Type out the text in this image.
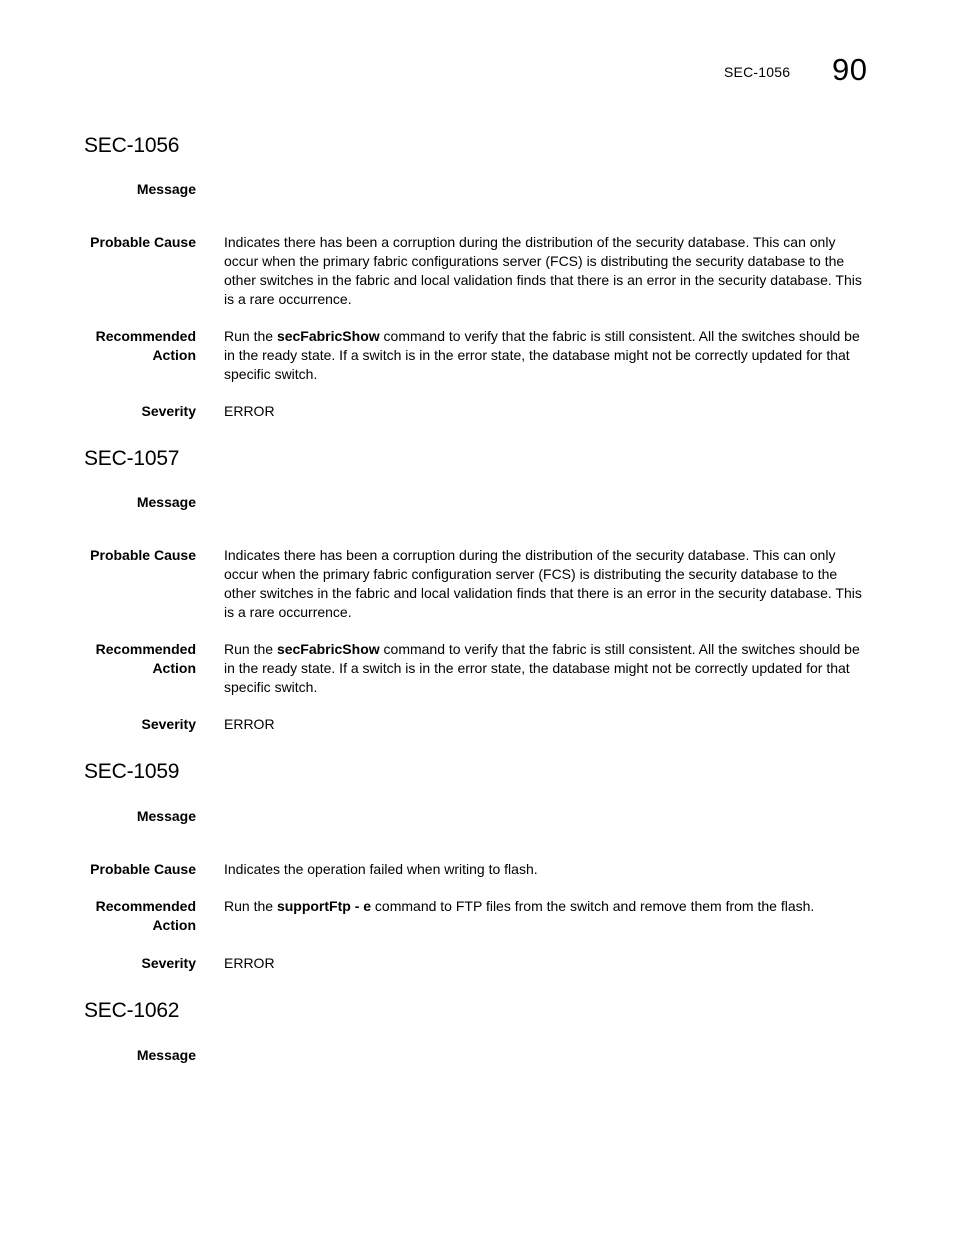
SEC-1056 90
SEC-1056
Message
Probable Cause Indicates there has been a corruption during the distribution of the security database. This can only occur when the primary fabric configurations server (FCS) is distributing the security database to the other switches in the fabric and local validation finds that there is an error in the security database. This is a rare occurrence.
Recommended
Action
Run the secFabricShow command to verify that the fabric is still consistent. All the switches should be in the ready state. If a switch is in the error state, the database might not be correctly updated for that specific switch.
Severity ERROR
SEC-1057
Message
Probable Cause Indicates there has been a corruption during the distribution of the security database. This can only occur when the primary fabric configuration server (FCS) is distributing the security database to the other switches in the fabric and local validation finds that there is an error in the security database. This is a rare occurrence.
Recommended
Action
Run the secFabricShow command to verify that the fabric is still consistent. All the switches should be in the ready state. If a switch is in the error state, the database might not be correctly updated for that specific switch.
Severity ERROR
SEC-1059
Message
Probable Cause Indicates the operation failed when writing to flash.
Recommended
Action
Run the supportFtp - e command to FTP files from the switch and remove them from the flash.
Severity ERROR
SEC-1062
Message
